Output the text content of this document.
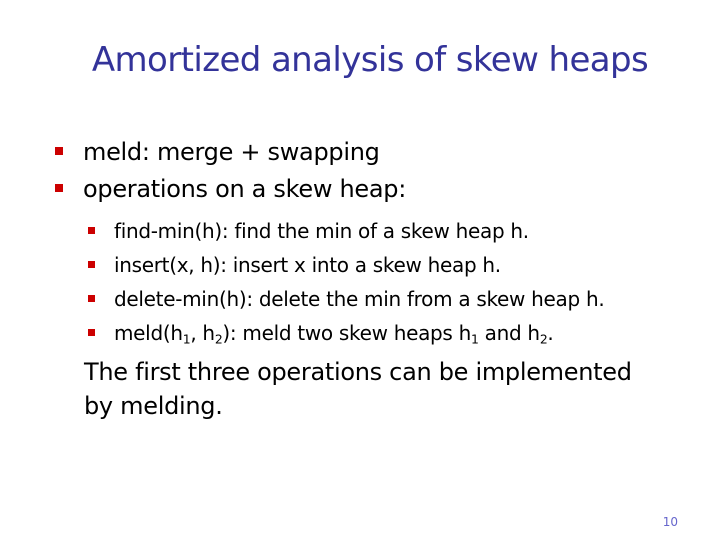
Amortized analysis of skew heaps
meld: merge + swapping
operations on a skew heap:
find-min(h): find the min of a skew heap h.
insert(x, h): insert x into a skew heap h.
delete-min(h): delete the min from a skew heap h.
$meld(h_1$, $h_2$): meld two skew heaps $h_1$ and $h_2$.
The first three operations can be implemented
by melding.
10
